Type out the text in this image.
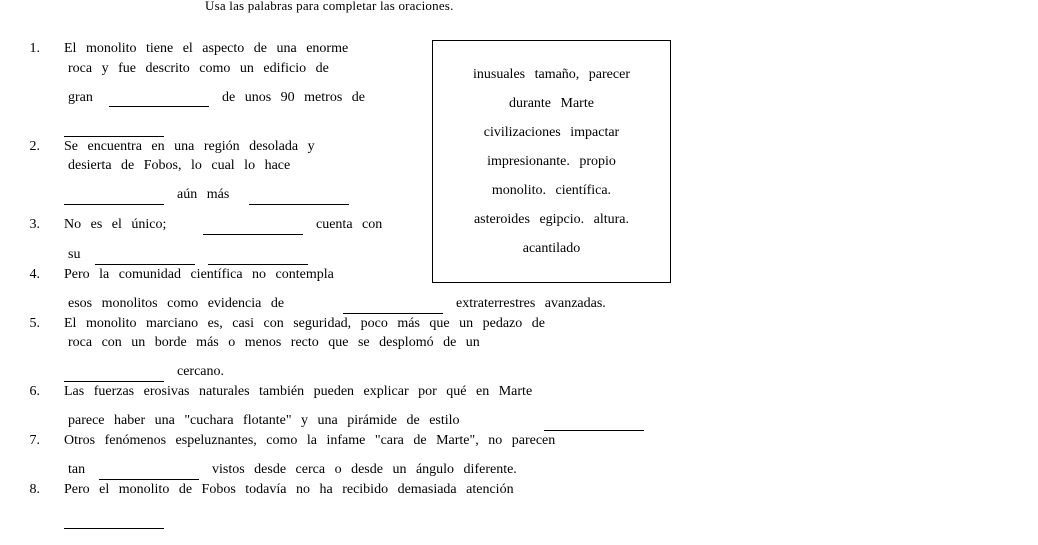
Usa las palabras para completar las oraciones.
inusuales tamaño, parecer
durante Marte
civilizaciones impactar
impresionante. propio
monolito. científica.
asteroides egipcio. altura.
acantilado
1. El monolito tiene el aspecto de una enorme
roca y fue descrito como un edificio de
gran	de unos 90 metros de
2. Se encuentra en una región desolada y
desierta de Fobos, lo cual lo hace
aún más
3. No es el único;	cuenta con
su
4. Pero la comunidad científica no contempla
esos monolitos como evidencia de	extraterrestres avanzadas.
5. El monolito marciano es, casi con seguridad, poco más que un pedazo de
roca con un borde más o menos recto que se desplomó de un
cercano.
6. Las fuerzas erosivas naturales también pueden explicar por qué en Marte
parece haber una "cuchara flotante" y una pirámide de estilo
7. Otros fenómenos espeluznantes, como la infame "cara de Marte", no parecen
tan	vistos desde cerca o desde un ángulo diferente.
8. Pero el monolito de Fobos todavía no ha recibido demasiada atención
